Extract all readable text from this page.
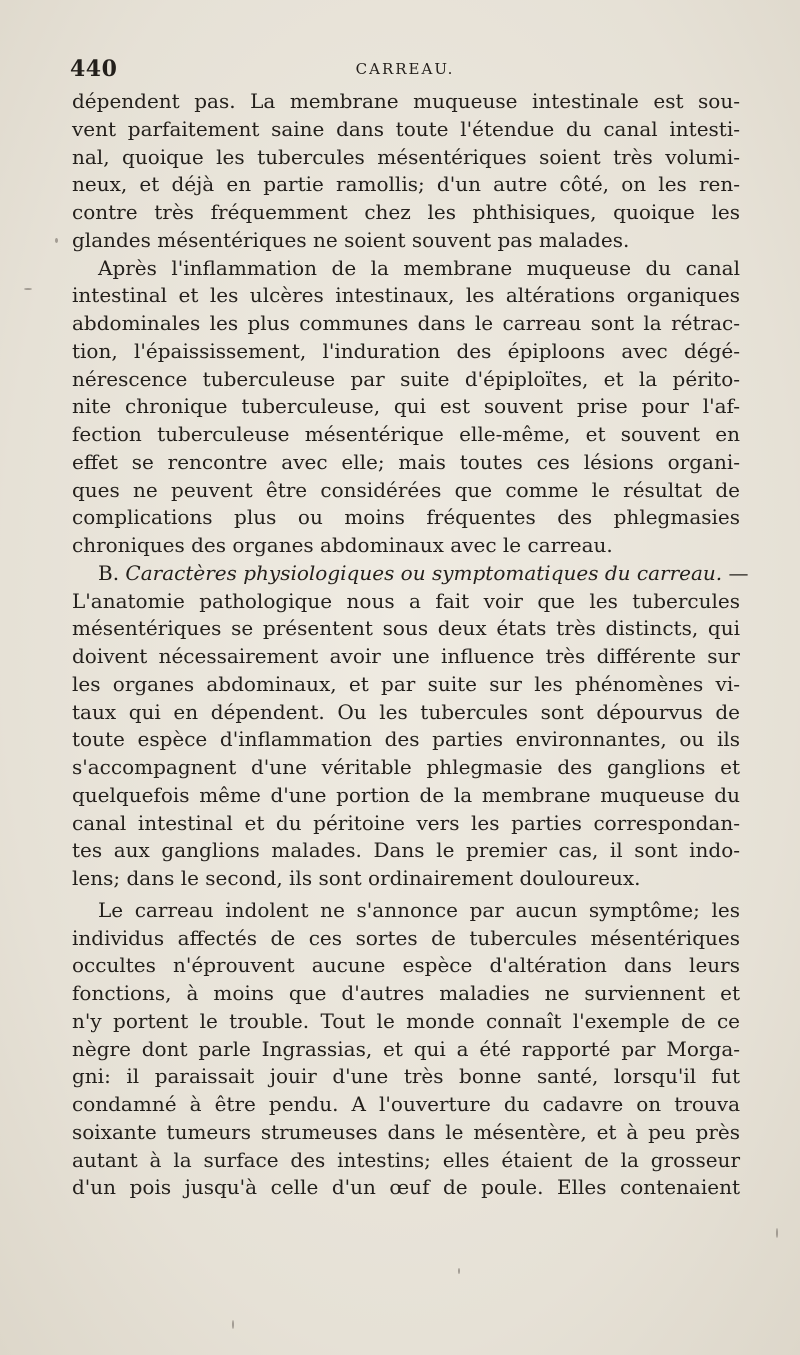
440	CARREAU.
dépendent pas. La membrane muqueuse intestinale est sou-
vent parfaitement saine dans toute l'étendue du canal intesti-
nal, quoique les tubercules mésentériques soient très volumi-
neux, et déjà en partie ramollis; d'un autre côté, on les ren-
contre très fréquemment chez les phthisiques, quoique les
glandes mésentériques ne soient souvent pas malades.
Après l'inflammation de la membrane muqueuse du canal
intestinal et les ulcères intestinaux, les altérations organiques
abdominales les plus communes dans le carreau sont la rétrac-
tion, l'épaississement, l'induration des épiploons avec dégé-
nérescence tuberculeuse par suite d'épiploïtes, et la périto-
nite chronique tuberculeuse, qui est souvent prise pour l'af-
fection tuberculeuse mésentérique elle-même, et souvent en
effet se rencontre avec elle; mais toutes ces lésions organi-
ques ne peuvent être considérées que comme le résultat de
complications plus ou moins fréquentes des phlegmasies
chroniques des organes abdominaux avec le carreau.
B. Caractères physiologiques ou symptomatiques du carreau. —
L'anatomie pathologique nous a fait voir que les tubercules
mésentériques se présentent sous deux états très distincts, qui
doivent nécessairement avoir une influence très différente sur
les organes abdominaux, et par suite sur les phénomènes vi-
taux qui en dépendent. Ou les tubercules sont dépourvus de
toute espèce d'inflammation des parties environnantes, ou ils
s'accompagnent d'une véritable phlegmasie des ganglions et
quelquefois même d'une portion de la membrane muqueuse du
canal intestinal et du péritoine vers les parties correspondan-
tes aux ganglions malades. Dans le premier cas, il sont indo-
lens; dans le second, ils sont ordinairement douloureux.
Le carreau indolent ne s'annonce par aucun symptôme; les
individus affectés de ces sortes de tubercules mésentériques
occultes n'éprouvent aucune espèce d'altération dans leurs
fonctions, à moins que d'autres maladies ne surviennent et
n'y portent le trouble. Tout le monde connaît l'exemple de ce
nègre dont parle Ingrassias, et qui a été rapporté par Morga-
gni: il paraissait jouir d'une très bonne santé, lorsqu'il fut
condamné à être pendu. A l'ouverture du cadavre on trouva
soixante tumeurs strumeuses dans le mésentère, et à peu près
autant à la surface des intestins; elles étaient de la grosseur
d'un pois jusqu'à celle d'un œuf de poule. Elles contenaient
